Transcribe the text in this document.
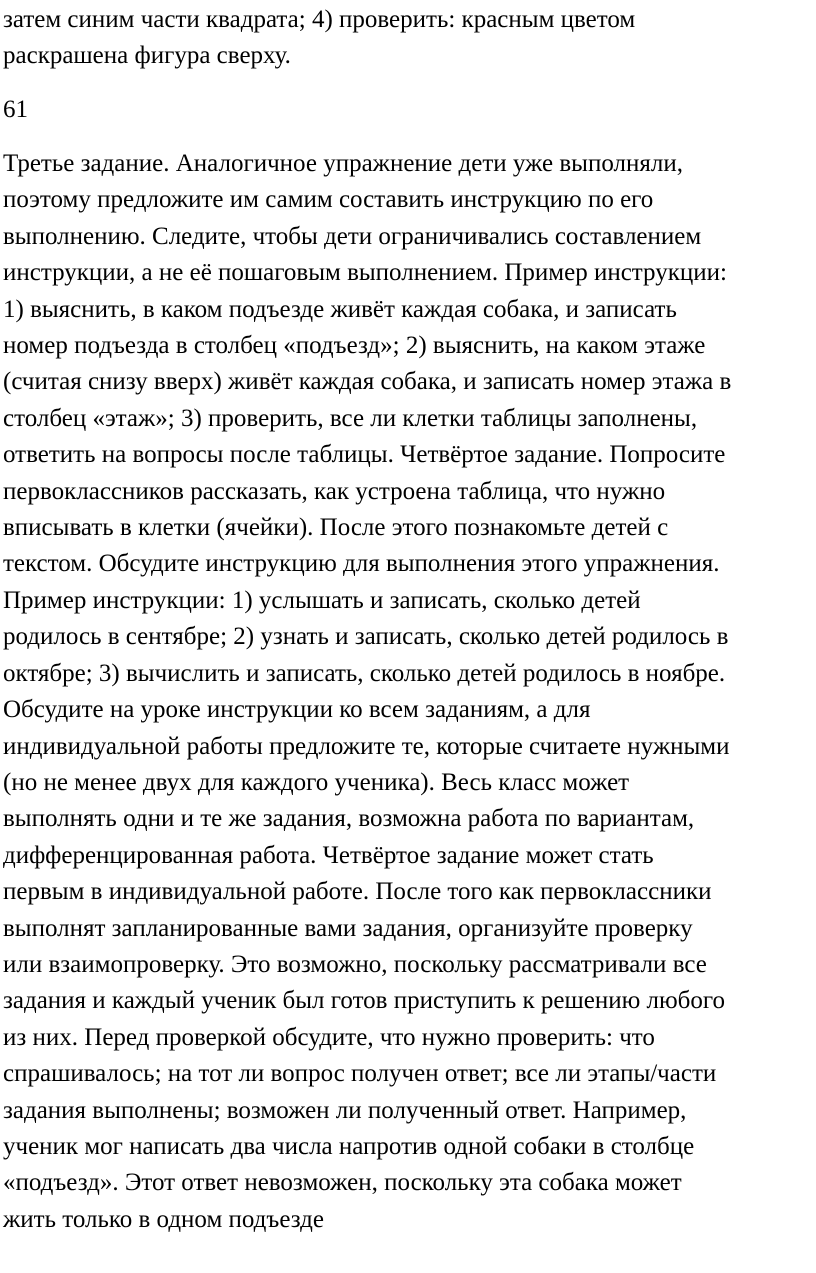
затем синим части квадрата; 4) проверить: красным цветом
раскрашена фигура сверху.
61
Третье задание. Аналогичное упражнение дети уже выполняли,
поэтому предложите им самим составить инструкцию по его
выполнению. Следите, чтобы дети ограничивались составлением
инструкции, а не её пошаговым выполнением. Пример инструкции:
1) выяснить, в каком подъезде живёт каждая собака, и записать
номер подъезда в столбец «подъезд»; 2) выяснить, на каком этаже
(считая снизу вверх) живёт каждая собака, и записать номер этажа в
столбец «этаж»; 3) проверить, все ли клетки таблицы заполнены,
ответить на вопросы после таблицы. Четвёртое задание. Попросите
первоклассников рассказать, как устроена таблица, что нужно
вписывать в клетки (ячейки). После этого познакомьте детей с
текстом. Обсудите инструкцию для выполнения этого упражнения.
Пример инструкции: 1) услышать и записать, сколько детей
родилось в сентябре; 2) узнать и записать, сколько детей родилось в
октябре; 3) вычислить и записать, сколько детей родилось в ноябре.
Обсудите на уроке инструкции ко всем заданиям, а для
индивидуальной работы предложите те, которые считаете нужными
(но не менее двух для каждого ученика). Весь класс может
выполнять одни и те же задания, возможна работа по вариантам,
дифференцированная работа. Четвёртое задание может стать
первым в индивидуальной работе. После того как первоклассники
выполнят запланированные вами задания, организуйте проверку
или взаимопроверку. Это возможно, поскольку рассматривали все
задания и каждый ученик был готов приступить к решению любого
из них. Перед проверкой обсудите, что нужно проверить: что
спрашивалось; на тот ли вопрос получен ответ; все ли этапы/части
задания выполнены; возможен ли полученный ответ. Например,
ученик мог написать два числа напротив одной собаки в столбце
«подъезд». Этот ответ невозможен, поскольку эта собака может
жить только в одном подъезде
